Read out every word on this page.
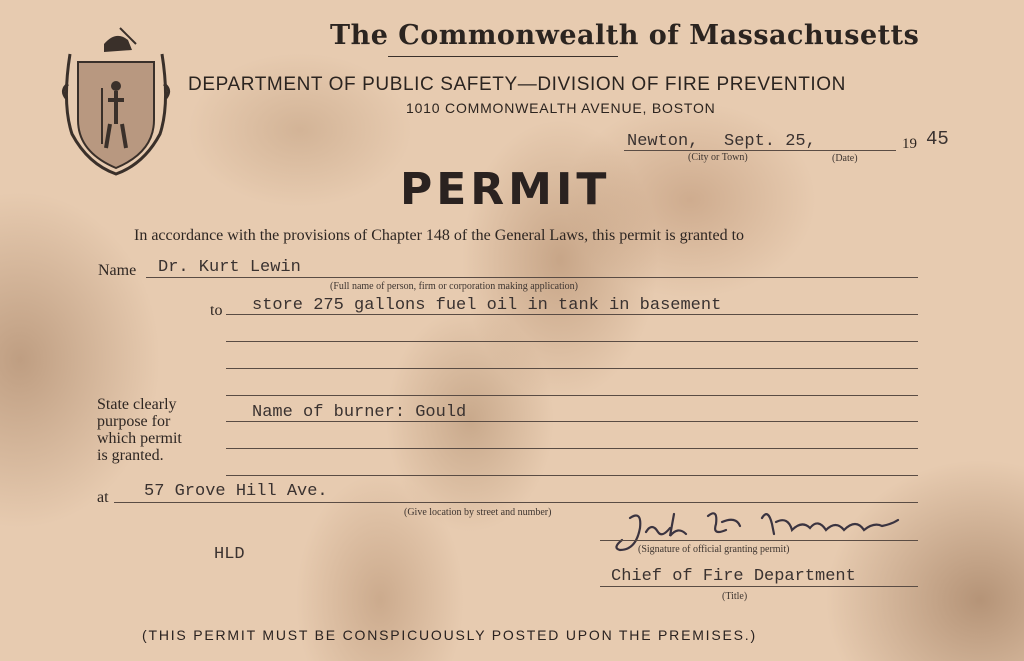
The Commonwealth of Massachusetts
DEPARTMENT OF PUBLIC SAFETY—DIVISION OF FIRE PREVENTION
1010 COMMONWEALTH AVENUE, BOSTON
Newton, Sept. 25,	19 45
(City or Town)	(Date)
PERMIT
In accordance with the provisions of Chapter 148 of the General Laws, this permit is granted to
Name Dr. Kurt Lewin
(Full name of person, firm or corporation making application)
to store 275 gallons fuel oil in tank in basement
State clearly
purpose for
which permit
is granted.
Name of burner: Gould
at 57 Grove Hill Ave.
(Give location by street and number)
HLD	(Signature of official granting permit)
Chief of Fire Department
(Title)
(THIS PERMIT MUST BE CONSPICUOUSLY POSTED UPON THE PREMISES.)
